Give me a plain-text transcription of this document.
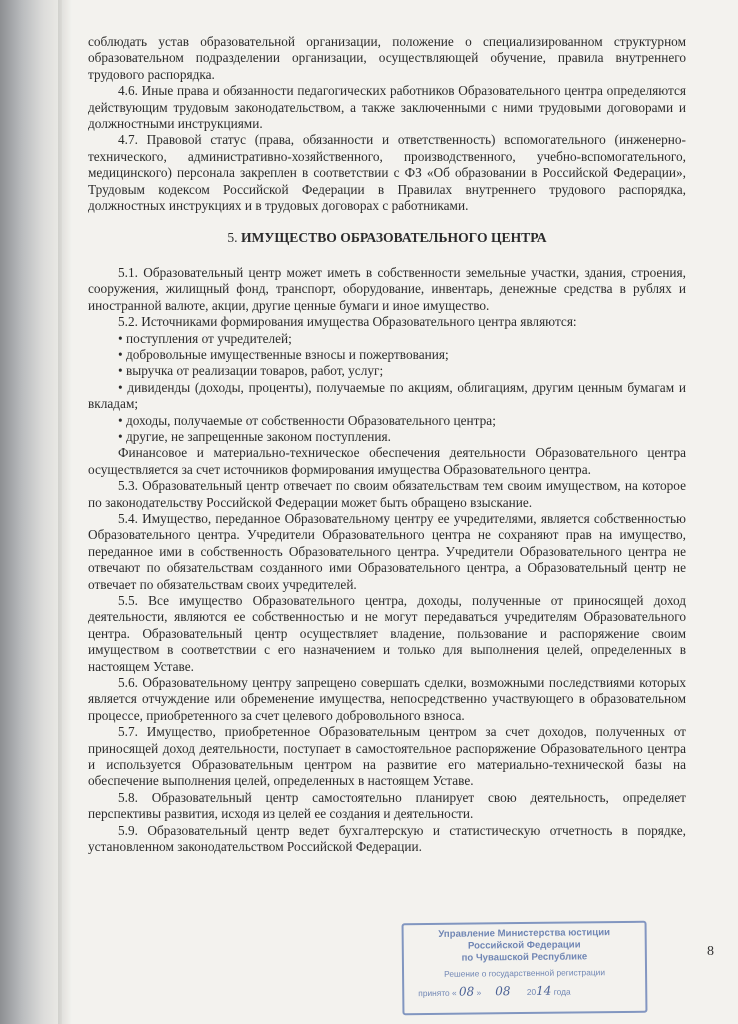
соблюдать устав образовательной организации, положение о специализированном структурном образовательном подразделении организации, осуществляющей обучение, правила внутреннего трудового распорядка.

4.6. Иные права и обязанности педагогических работников Образовательного центра определяются действующим трудовым законодательством, а также заключенными с ними трудовыми договорами и должностными инструкциями.

4.7. Правовой статус (права, обязанности и ответственность) вспомогательного (инженерно-технического, административно-хозяйственного, производственного, учебно-вспомогательного, медицинского) персонала закреплен в соответствии с ФЗ «Об образовании в Российской Федерации», Трудовым кодексом Российской Федерации в Правилах внутреннего трудового распорядка, должностных инструкциях и в трудовых договорах с работниками.

5. ИМУЩЕСТВО ОБРАЗОВАТЕЛЬНОГО ЦЕНТРА

5.1. Образовательный центр может иметь в собственности земельные участки, здания, строения, сооружения, жилищный фонд, транспорт, оборудование, инвентарь, денежные средства в рублях и иностранной валюте, акции, другие ценные бумаги и иное имущество.

5.2. Источниками формирования имущества Образовательного центра являются:

• поступления от учредителей;

• добровольные имущественные взносы и пожертвования;

• выручка от реализации товаров, работ, услуг;

• дивиденды (доходы, проценты), получаемые по акциям, облигациям, другим ценным бумагам и вкладам;

• доходы, получаемые от собственности Образовательного центра;

• другие, не запрещенные законом поступления.

Финансовое и материально-техническое обеспечения деятельности Образовательного центра осуществляется за счет источников формирования имущества Образовательного центра.

5.3. Образовательный центр отвечает по своим обязательствам тем своим имуществом, на которое по законодательству Российской Федерации может быть обращено взыскание.

5.4. Имущество, переданное Образовательному центру ее учредителями, является собственностью Образовательного центра. Учредители Образовательного центра не сохраняют прав на имущество, переданное ими в собственность Образовательного центра. Учредители Образовательного центра не отвечают по обязательствам созданного ими Образовательного центра, а Образовательный центр не отвечает по обязательствам своих учредителей.

5.5. Все имущество Образовательного центра, доходы, полученные от приносящей доход деятельности, являются ее собственностью и не могут передаваться учредителям Образовательного центра. Образовательный центр осуществляет владение, пользование и распоряжение своим имуществом в соответствии с его назначением и только для выполнения целей, определенных в настоящем Уставе.

5.6. Образовательному центру запрещено совершать сделки, возможными последствиями которых является отчуждение или обременение имущества, непосредственно участвующего в образовательном процессе, приобретенного за счет целевого добровольного взноса.

5.7. Имущество, приобретенное Образовательным центром за счет доходов, полученных от приносящей доход деятельности, поступает в самостоятельное распоряжение Образовательного центра и используется Образовательным центром на развитие его материально-технической базы на обеспечение выполнения целей, определенных в настоящем Уставе.

5.8. Образовательный центр самостоятельно планирует свою деятельность, определяет перспективы развития, исходя из целей ее создания и деятельности.

5.9. Образовательный центр ведет бухгалтерскую и статистическую отчетность в порядке, установленном законодательством Российской Федерации.

8
Управление Министерства юстиции
Российской Федерации
по Чувашской Республике
Решение о государственной регистрации
принято « 08 »      08 2014 года
